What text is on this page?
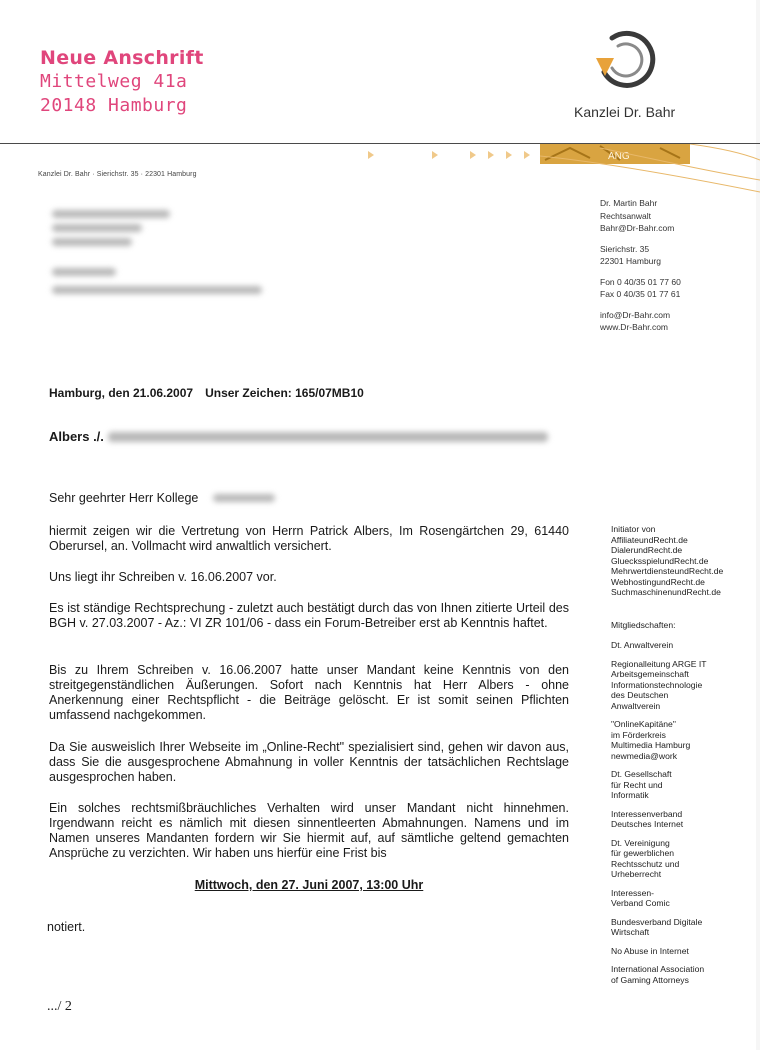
Neue Anschrift
Mittelweg 41a
20148 Hamburg	Kanzlei Dr. Bahr
ANG
Kanzlei Dr. Bahr · Sierichstr. 35 · 22301 Hamburg
Dr. Martin Bahr
Rechtsanwalt
Bahr@Dr-Bahr.com
Sierichstr. 35
22301 Hamburg
Fon 0 40/35 01 77 60
Fax 0 40/35 01 77 61
info@Dr-Bahr.com
www.Dr-Bahr.com
Hamburg, den 21.06.2007 Unser Zeichen: 165/07MB10
Albers ./.
Sehr geehrter Herr Kollege
hiermit zeigen wir die Vertretung von Herrn Patrick Albers, Im Rosengärtchen 29, 61440 Oberursel, an. Vollmacht wird anwaltlich versichert.
Uns liegt ihr Schreiben v. 16.06.2007 vor.
Es ist ständige Rechtsprechung - zuletzt auch bestätigt durch das von Ihnen zitierte Urteil des BGH v. 27.03.2007 - Az.: VI ZR 101/06 - dass ein Forum-Betreiber erst ab Kenntnis haftet.
Bis zu Ihrem Schreiben v. 16.06.2007 hatte unser Mandant keine Kenntnis von den streitgegenständlichen Äußerungen. Sofort nach Kenntnis hat Herr Albers - ohne Anerkennung einer Rechtspflicht - die Beiträge gelöscht. Er ist somit seinen Pflichten umfassend nachgekommen.
Da Sie ausweislich Ihrer Webseite im „Online-Recht" spezialisiert sind, gehen wir davon aus, dass Sie die ausgesprochene Abmahnung in voller Kenntnis der tatsächlichen Rechtslage ausgesprochen haben.
Ein solches rechtsmißbräuchliches Verhalten wird unser Mandant nicht hinnehmen. Irgendwann reicht es nämlich mit diesen sinnentleerten Abmahnungen. Namens und im Namen unseres Mandanten fordern wir Sie hiermit auf, auf sämtliche geltend gemachten Ansprüche zu verzichten. Wir haben uns hierfür eine Frist bis
Mittwoch, den 27. Juni 2007, 13:00 Uhr
notiert.
.../ 2
Initiator von
AffiliateundRecht.de
DialerundRecht.de
GluecksspielundRecht.de
MehrwertdiensteundRecht.de
WebhostingundRecht.de
SuchmaschinenundRecht.de
Mitgliedschaften:
Dt. Anwaltverein
Regionalleitung ARGE IT
Arbeitsgemeinschaft
Informationstechnologie
des Deutschen
Anwaltverein
"OnlineKapitäne"
im Förderkreis
Multimedia Hamburg
newmedia@work
Dt. Gesellschaft
für Recht und
Informatik
Interessenverband
Deutsches Internet
Dt. Vereinigung
für gewerblichen
Rechtsschutz und
Urheberrecht
Interessen-
Verband Comic
Bundesverband Digitale
Wirtschaft
No Abuse in Internet
International Association
of Gaming Attorneys
